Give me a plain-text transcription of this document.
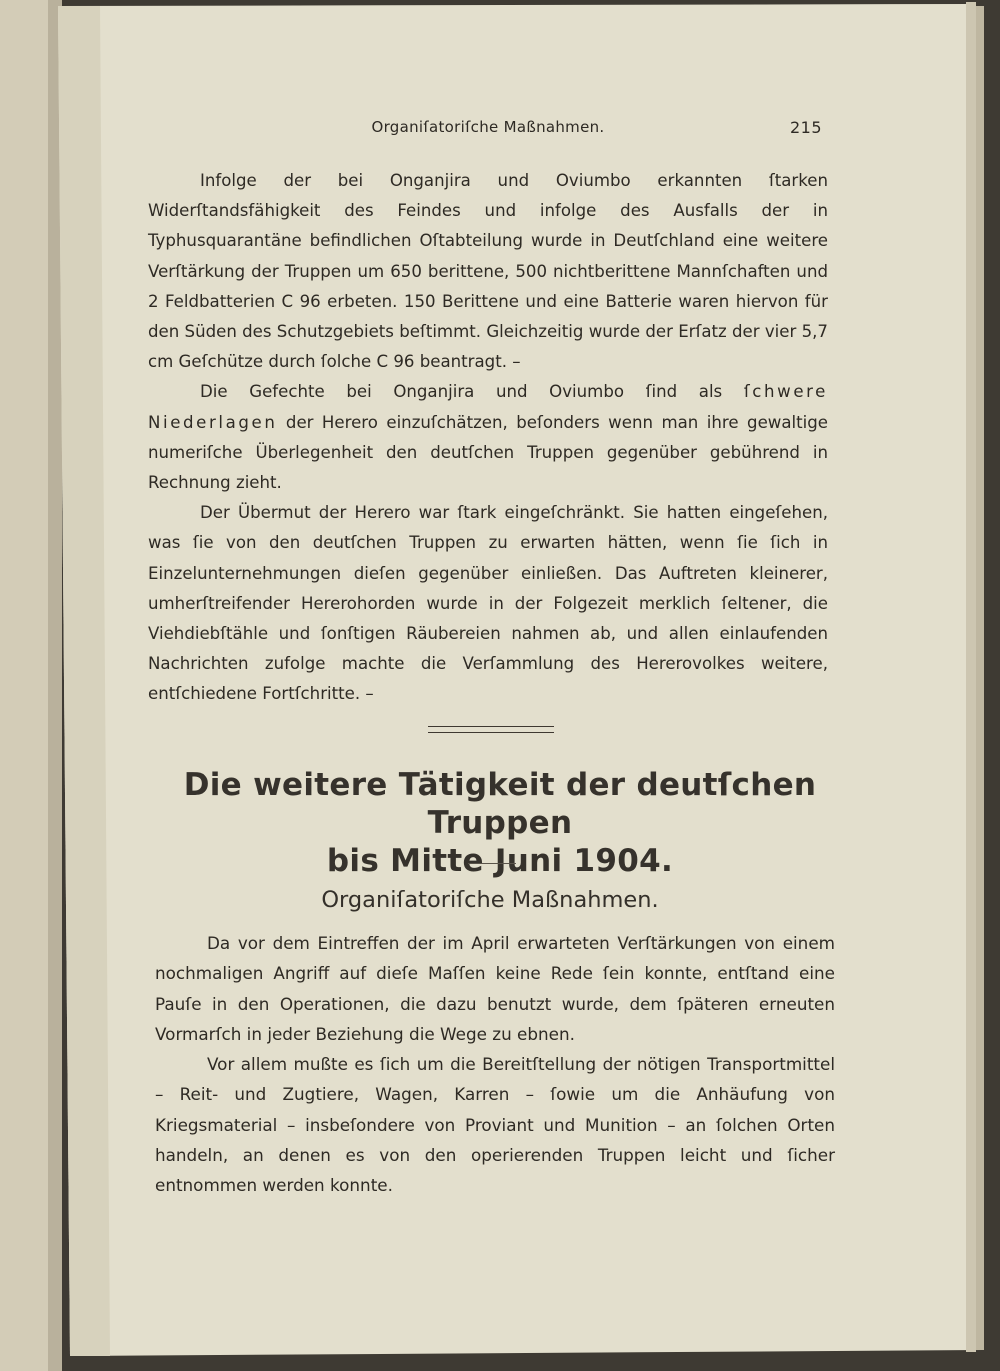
Organiſatoriſche Maßnahmen.	215

Infolge der bei Onganjira und Oviumbo erkannten ſtarken Widerſtandsfähigkeit des Feindes und infolge des Ausfalls der in Typhusquarantäne befindlichen Oſtabteilung wurde in Deutſchland eine weitere Verſtärkung der Truppen um 650 berittene, 500 nichtberittene Mannſchaften und 2 Feldbatterien C 96 erbeten. 150 Berittene und eine Batterie waren hiervon für den Süden des Schutzgebiets beſtimmt. Gleichzeitig wurde der Erſatz der vier 5,7 cm Geſchütze durch ſolche C 96 beantragt. –

Die Gefechte bei Onganjira und Oviumbo ſind als ſchwere Niederlagen der Herero einzuſchätzen, beſonders wenn man ihre gewaltige numeriſche Überlegenheit den deutſchen Truppen gegenüber gebührend in Rechnung zieht.

Der Übermut der Herero war ſtark eingeſchränkt. Sie hatten eingeſehen, was ſie von den deutſchen Truppen zu erwarten hätten, wenn ſie ſich in Einzelunternehmungen dieſen gegenüber einließen. Das Auftreten kleinerer, umherſtreifender Hererohorden wurde in der Folgezeit merklich ſeltener, die Viehdiebſtähle und ſonſtigen Räubereien nahmen ab, und allen einlaufenden Nachrichten zufolge machte die Verſammlung des Hererovolkes weitere, entſchiedene Fortſchritte. –

Die weitere Tätigkeit der deutſchen Truppen
bis Mitte Juni 1904.
Organiſatoriſche Maßnahmen.

Da vor dem Eintreffen der im April erwarteten Verſtärkungen von einem nochmaligen Angriff auf dieſe Maſſen keine Rede ſein konnte, entſtand eine Pauſe in den Operationen, die dazu benutzt wurde, dem ſpäteren erneuten Vormarſch in jeder Beziehung die Wege zu ebnen.

Vor allem mußte es ſich um die Bereitſtellung der nötigen Transportmittel – Reit- und Zugtiere, Wagen, Karren – ſowie um die Anhäufung von Kriegsmaterial – insbeſondere von Proviant und Munition – an ſolchen Orten handeln, an denen es von den operierenden Truppen leicht und ſicher entnommen werden konnte.
